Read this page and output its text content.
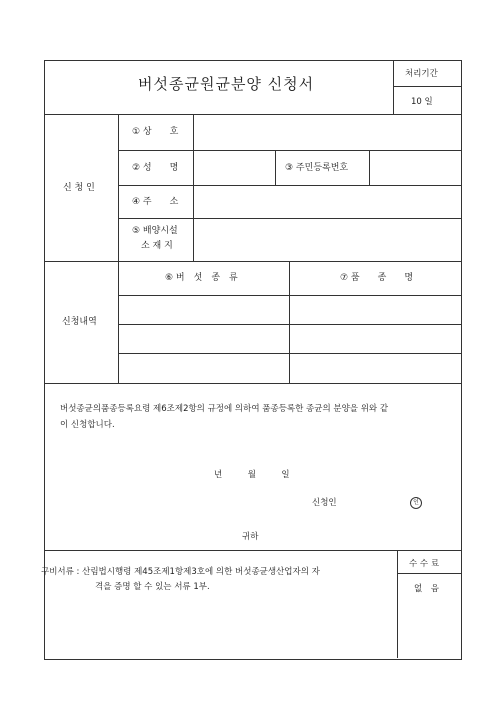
버섯종균원균분양 신청서
처리기간
10 일
신 청 인
① 상　　호
② 성　　명	③ 주민등록번호
④ 주　　소
⑤ 배양시설
소 재 지
신청내역
⑥ 버　섯　종　류	⑦ 품　　종　　명
버섯종균의품종등록요령 제6조제2항의 규정에 의하여 품종등록한 종균의 분양을 위와 같
이 신청합니다.
년　　　월　　　일
신청인	인
귀하
구비서류 : 산림법시행령 제45조제1항제3호에 의한 버섯종균생산업자의 자
격을 증명 할 수 있는 서류 1부.
수 수 료
없　음
